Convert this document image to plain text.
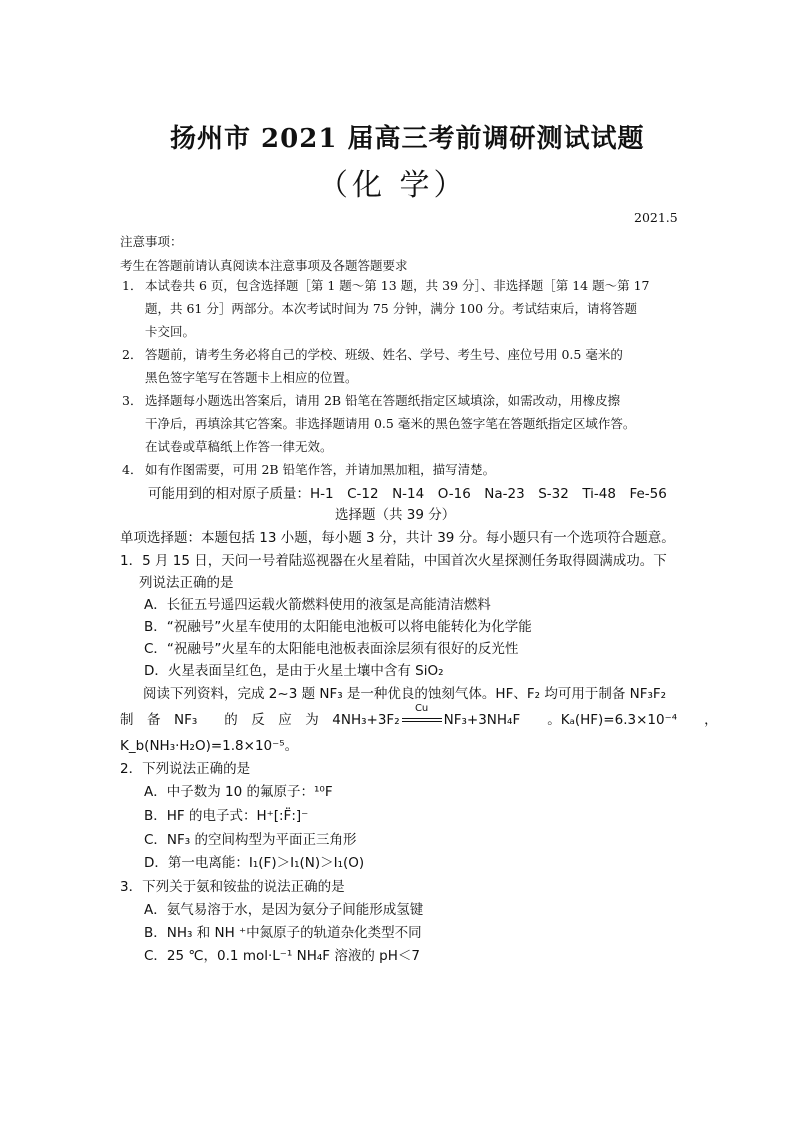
扬州市 2021 届高三考前调研测试试题
（化 学）
2021.5
注意事项：
考生在答题前请认真阅读本注意事项及各题答题要求
1． 本试卷共 6 页，包含选择题［第 1 题～第 13 题，共 39 分］、非选择题［第 14 题～第 17
题，共 61 分］两部分。本次考试时间为 75 分钟，满分 100 分。考试结束后，请将答题
卡交回。
2． 答题前，请考生务必将自己的学校、班级、姓名、学号、考生号、座位号用 0.5 毫米的
黑色签字笔写在答题卡上相应的位置。
3． 选择题每小题选出答案后，请用 2B 铅笔在答题纸指定区域填涂，如需改动，用橡皮擦
干净后，再填涂其它答案。非选择题请用 0.5 毫米的黑色签字笔在答题纸指定区域作答。
在试卷或草稿纸上作答一律无效。
4． 如有作图需要，可用 2B 铅笔作答，并请加黑加粗，描写清楚。
可能用到的相对原子质量：H-1　C-12　N-14　O-16　Na-23　S-32　Ti-48　Fe-56
选择题（共 39 分）
单项选择题：本题包括 13 小题，每小题 3 分，共计 39 分。每小题只有一个选项符合题意。
1．5 月 15 日，天问一号着陆巡视器在火星着陆，中国首次火星探测任务取得圆满成功。下
列说法正确的是
A．长征五号遥四运载火箭燃料使用的液氢是高能清洁燃料
B．“祝融号”火星车使用的太阳能电池板可以将电能转化为化学能
C．“祝融号”火星车的太阳能电池板表面涂层须有很好的反光性
D．火星表面呈红色，是由于火星土壤中含有 SiO₂
阅读下列资料，完成 2~3 题 NF₃ 是一种优良的蚀刻气体。HF、F₂ 均可用于制备 NF₃F₂
制　备　NF₃　　的　反　应　为　4NH₃+3F₂
Cu
NF₃+3NH₄F　　。Kₐ(HF)=6.3×10⁻⁴　　，
K_b(NH₃·H₂O)=1.8×10⁻⁵。
2．下列说法正确的是
A．中子数为 10 的氟原子：¹⁰F
B．HF 的电子式：H⁺[:F̈:]⁻
C．NF₃ 的空间构型为平面正三角形
D．第一电离能：I₁(F)＞I₁(N)＞I₁(O)
3．下列关于氨和铵盐的说法正确的是
A．氨气易溶于水，是因为氨分子间能形成氢键
B．NH₃ 和 NH ⁺中氮原子的轨道杂化类型不同
C．25 ℃，0.1 mol·L⁻¹ NH₄F 溶液的 pH＜7
